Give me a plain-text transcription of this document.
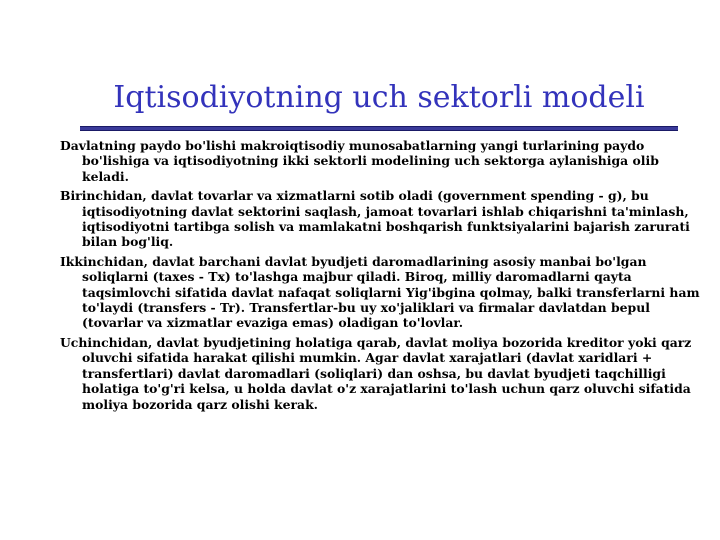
Iqtisodiyotning uch sektorli modeli

Davlatning paydo bo'lishi makroiqtisodiy munosabatlarning yangi turlarining paydo bo'lishiga va iqtisodiyotning ikki sektorli modelining uch sektorga aylanishiga olib keladi.

Birinchidan, davlat tovarlar va xizmatlarni sotib oladi (government spending - g), bu iqtisodiyotning davlat sektorini saqlash, jamoat tovarlari ishlab chiqarishni ta'minlash, iqtisodiyotni tartibga solish va mamlakatni boshqarish funktsiyalarini bajarish zarurati bilan bog'liq.

Ikkinchidan, davlat barchani davlat byudjeti daromadlarining asosiy manbai bo'lgan soliqlarni (taxes - Tx) to'lashga majbur qiladi. Biroq, milliy daromadlarni qayta taqsimlovchi sifatida davlat nafaqat soliqlarni Yig'ibgina qolmay, balki transferlarni ham to'laydi (transfers - Tr). Transfertlar-bu uy xo'jaliklari va firmalar davlatdan bepul (tovarlar va xizmatlar evaziga emas) oladigan to'lovlar.

Uchinchidan, davlat byudjetining holatiga qarab, davlat moliya bozorida kreditor yoki qarz oluvchi sifatida harakat qilishi mumkin. Agar davlat xarajatlari (davlat xaridlari + transfertlari) davlat daromadlari (soliqlari) dan oshsa, bu davlat byudjeti taqchilligi holatiga to'g'ri kelsa, u holda davlat o'z xarajatlarini to'lash uchun qarz oluvchi sifatida moliya bozorida qarz olishi kerak.
